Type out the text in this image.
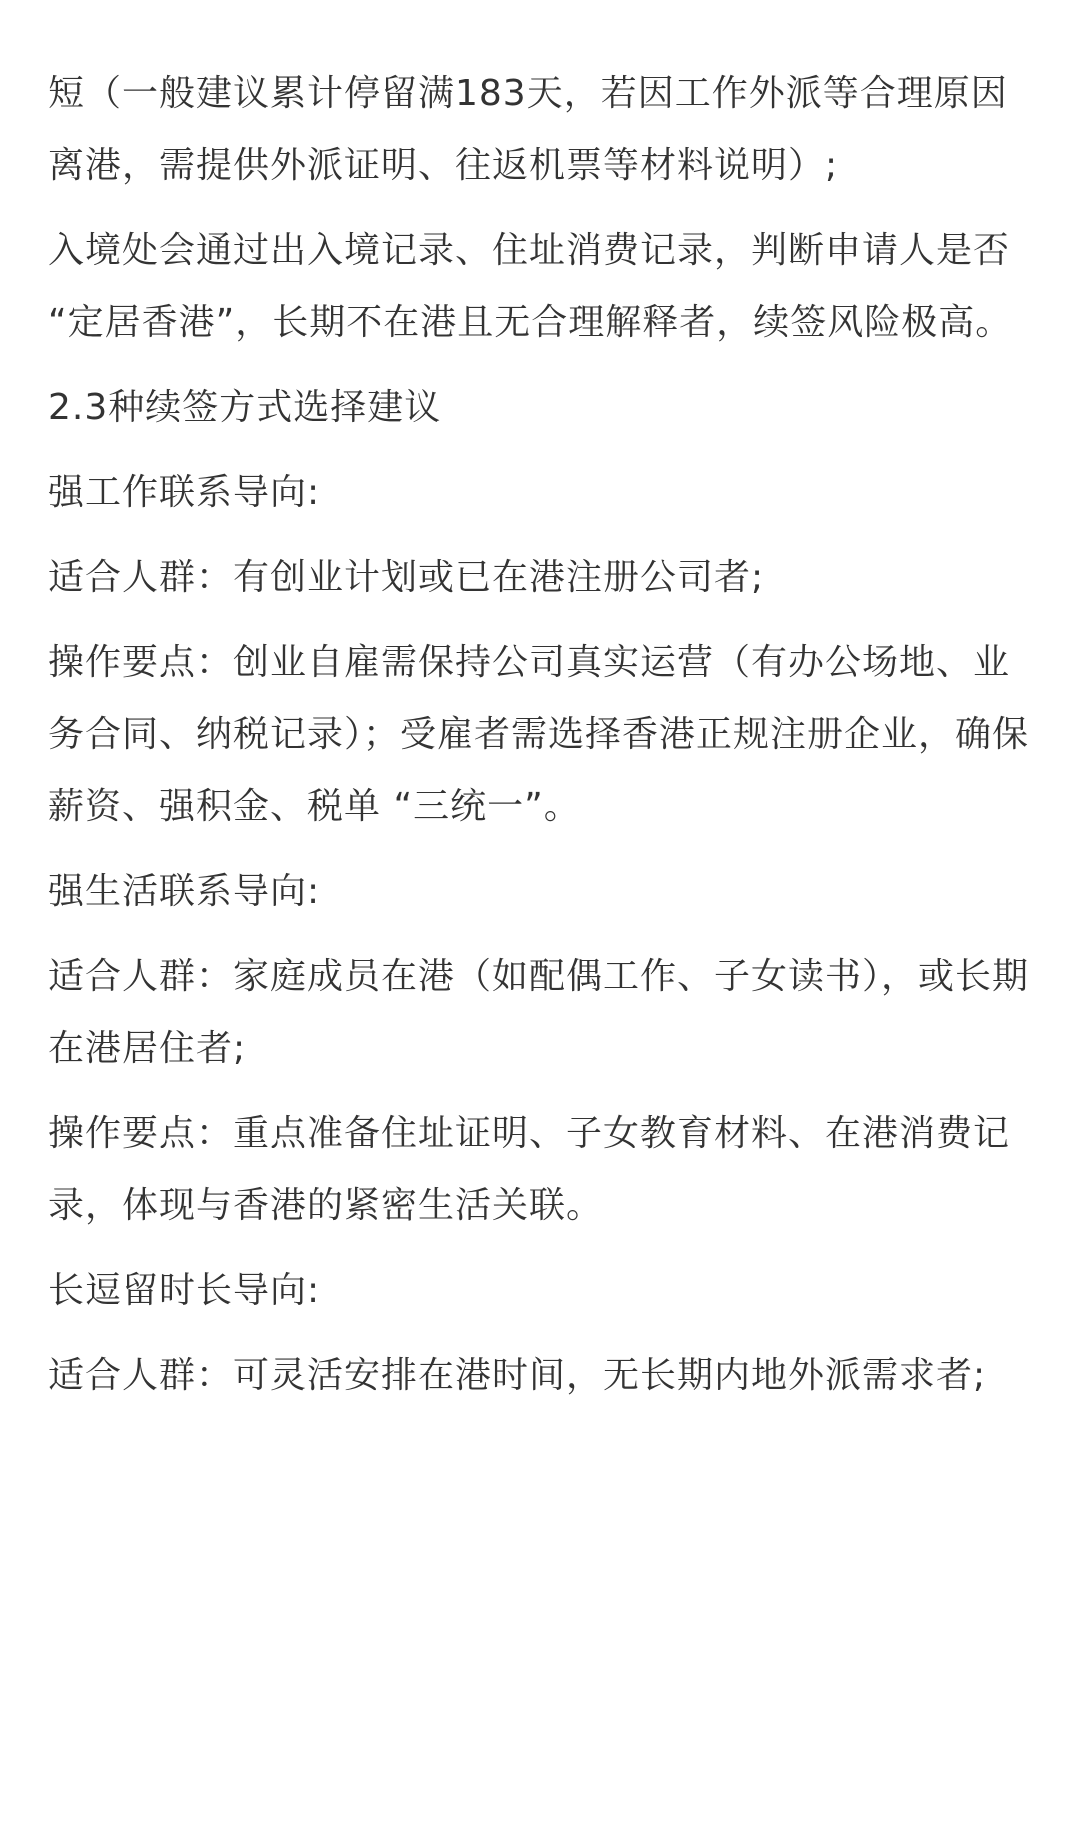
短（一般建议累计停留满183天，若因工作外派等合理原因离港，需提供外派证明、往返机票等材料说明）;

入境处会通过出入境记录、住址消费记录，判断申请人是否 “定居香港”，长期不在港且无合理解释者，续签风险极高。

2.3种续签方式选择建议

强工作联系导向:

适合人群：有创业计划或已在港注册公司者;

操作要点：创业自雇需保持公司真实运营（有办公场地、业务合同、纳税记录）；受雇者需选择香港正规注册企业，确保薪资、强积金、税单 “三统一”。

强生活联系导向:

适合人群：家庭成员在港（如配偶工作、子女读书），或长期在港居住者;

操作要点：重点准备住址证明、子女教育材料、在港消费记录，体现与香港的紧密生活关联。

长逗留时长导向:

适合人群：可灵活安排在港时间，无长期内地外派需求者;
